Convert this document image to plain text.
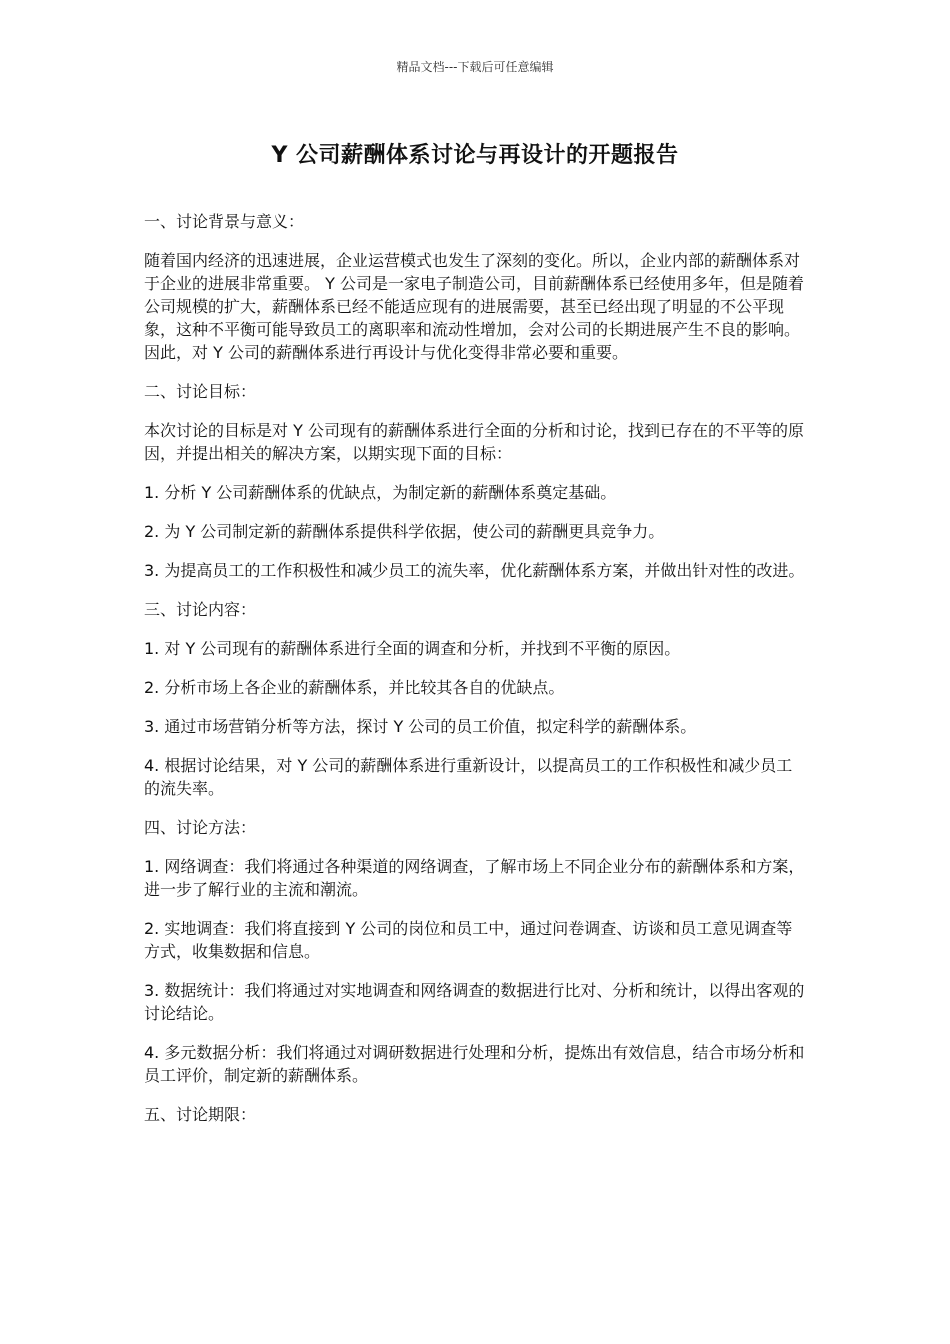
精品文档---下载后可任意编辑
Y 公司薪酬体系讨论与再设计的开题报告

一、讨论背景与意义：

随着国内经济的迅速进展，企业运营模式也发生了深刻的变化。所以，企业内部的薪酬体系对于企业的进展非常重要。 Y 公司是一家电子制造公司，目前薪酬体系已经使用多年，但是随着公司规模的扩大，薪酬体系已经不能适应现有的进展需要，甚至已经出现了明显的不公平现象，这种不平衡可能导致员工的离职率和流动性增加，会对公司的长期进展产生不良的影响。因此，对 Y 公司的薪酬体系进行再设计与优化变得非常必要和重要。

二、讨论目标：

本次讨论的目标是对 Y 公司现有的薪酬体系进行全面的分析和讨论，找到已存在的不平等的原因，并提出相关的解决方案，以期实现下面的目标：

1. 分析 Y 公司薪酬体系的优缺点，为制定新的薪酬体系奠定基础。

2. 为 Y 公司制定新的薪酬体系提供科学依据，使公司的薪酬更具竞争力。

3. 为提高员工的工作积极性和减少员工的流失率，优化薪酬体系方案，并做出针对性的改进。

三、讨论内容：

1. 对 Y 公司现有的薪酬体系进行全面的调查和分析，并找到不平衡的原因。

2. 分析市场上各企业的薪酬体系，并比较其各自的优缺点。

3. 通过市场营销分析等方法，探讨 Y 公司的员工价值，拟定科学的薪酬体系。

4. 根据讨论结果，对 Y 公司的薪酬体系进行重新设计，以提高员工的工作积极性和减少员工的流失率。

四、讨论方法：

1. 网络调查：我们将通过各种渠道的网络调查，了解市场上不同企业分布的薪酬体系和方案，进一步了解行业的主流和潮流。

2. 实地调查：我们将直接到 Y 公司的岗位和员工中，通过问卷调查、访谈和员工意见调查等方式，收集数据和信息。

3. 数据统计：我们将通过对实地调查和网络调查的数据进行比对、分析和统计，以得出客观的讨论结论。

4. 多元数据分析：我们将通过对调研数据进行处理和分析，提炼出有效信息，结合市场分析和员工评价，制定新的薪酬体系。

五、讨论期限：
